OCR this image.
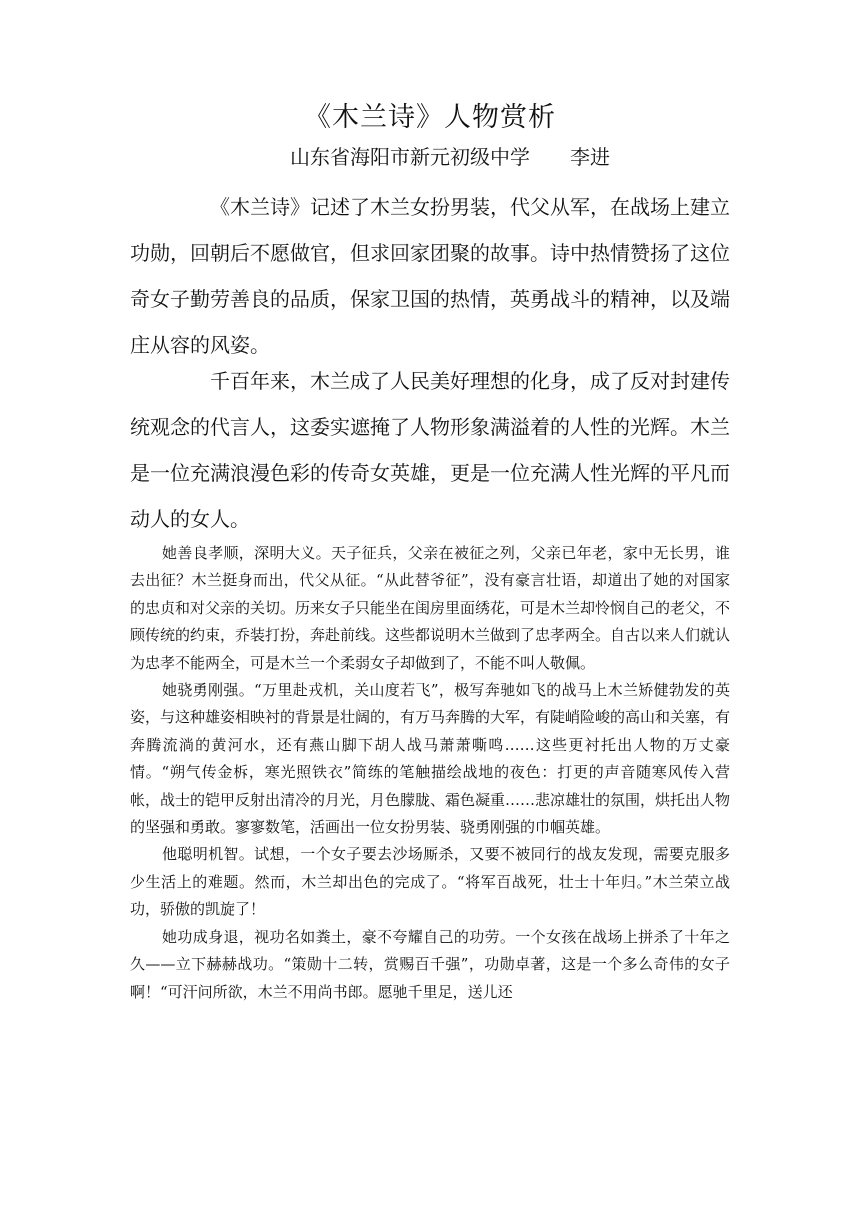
《木兰诗》人物赏析
山东省海阳市新元初级中学 李进

《木兰诗》记述了木兰女扮男装，代父从军，在战场上建立功勋，回朝后不愿做官，但求回家团聚的故事。诗中热情赞扬了这位奇女子勤劳善良的品质，保家卫国的热情，英勇战斗的精神，以及端庄从容的风姿。

千百年来，木兰成了人民美好理想的化身，成了反对封建传统观念的代言人，这委实遮掩了人物形象满溢着的人性的光辉。木兰是一位充满浪漫色彩的传奇女英雄，更是一位充满人性光辉的平凡而动人的女人。

她善良孝顺，深明大义。天子征兵，父亲在被征之列，父亲已年老，家中无长男，谁去出征？木兰挺身而出，代父从征。“从此替爷征”，没有豪言壮语，却道出了她的对国家的忠贞和对父亲的关切。历来女子只能坐在闺房里面绣花，可是木兰却怜悯自己的老父，不顾传统的约束，乔装打扮，奔赴前线。这些都说明木兰做到了忠孝两全。自古以来人们就认为忠孝不能两全，可是木兰一个柔弱女子却做到了，不能不叫人敬佩。

她骁勇刚强。“万里赴戎机，关山度若飞”，极写奔驰如飞的战马上木兰矫健勃发的英姿，与这种雄姿相映衬的背景是壮阔的，有万马奔腾的大军，有陡峭险峻的高山和关塞，有奔腾流淌的黄河水，还有燕山脚下胡人战马萧萧嘶鸣……这些更衬托出人物的万丈豪情。“朔气传金柝，寒光照铁衣”简练的笔触描绘战地的夜色：打更的声音随寒风传入营帐，战士的铠甲反射出清冷的月光，月色朦胧、霜色凝重……悲凉雄壮的氛围，烘托出人物的坚强和勇敢。寥寥数笔，活画出一位女扮男装、骁勇刚强的巾帼英雄。

他聪明机智。试想，一个女子要去沙场厮杀，又要不被同行的战友发现，需要克服多少生活上的难题。然而，木兰却出色的完成了。“将军百战死，壮士十年归。”木兰荣立战功，骄傲的凯旋了！

她功成身退，视功名如粪土，豪不夸耀自己的功劳。一个女孩在战场上拼杀了十年之久——立下赫赫战功。“策勋十二转，赏赐百千强”，功勋卓著，这是一个多么奇伟的女子啊！“可汗问所欲，木兰不用尚书郎。愿驰千里足，送儿还
